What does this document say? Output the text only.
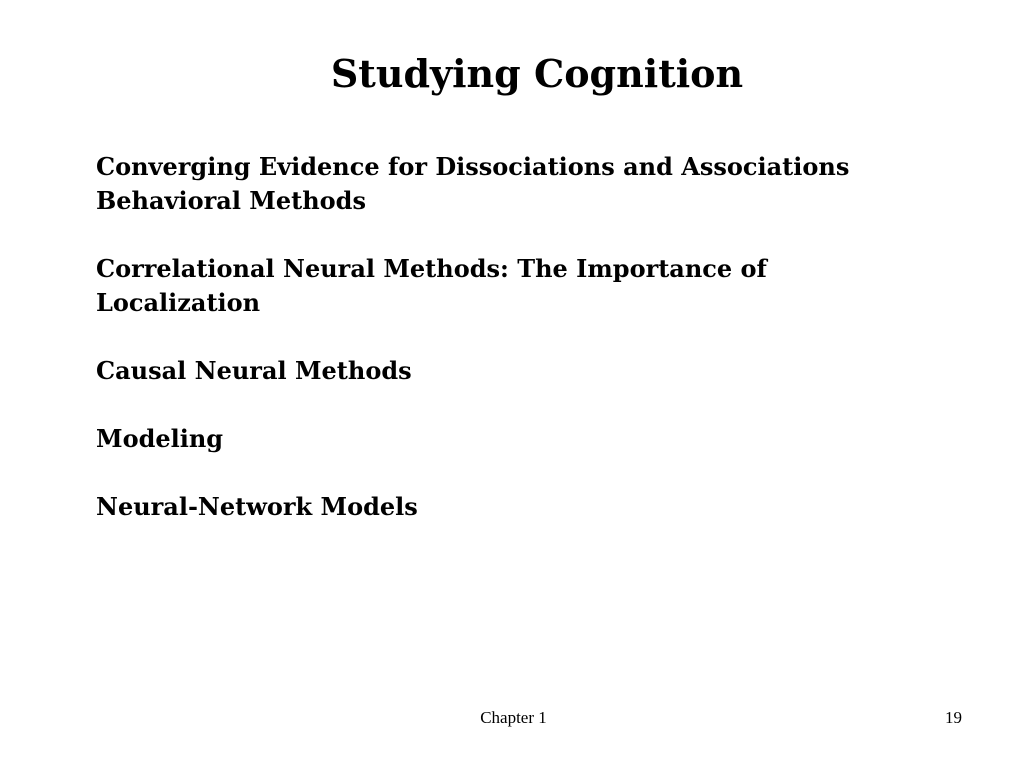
Studying Cognition
Converging Evidence for Dissociations and Associations
Behavioral Methods
Correlational Neural Methods: The Importance of
Localization
Causal Neural Methods
Modeling
Neural-Network Models
Chapter 1	19
